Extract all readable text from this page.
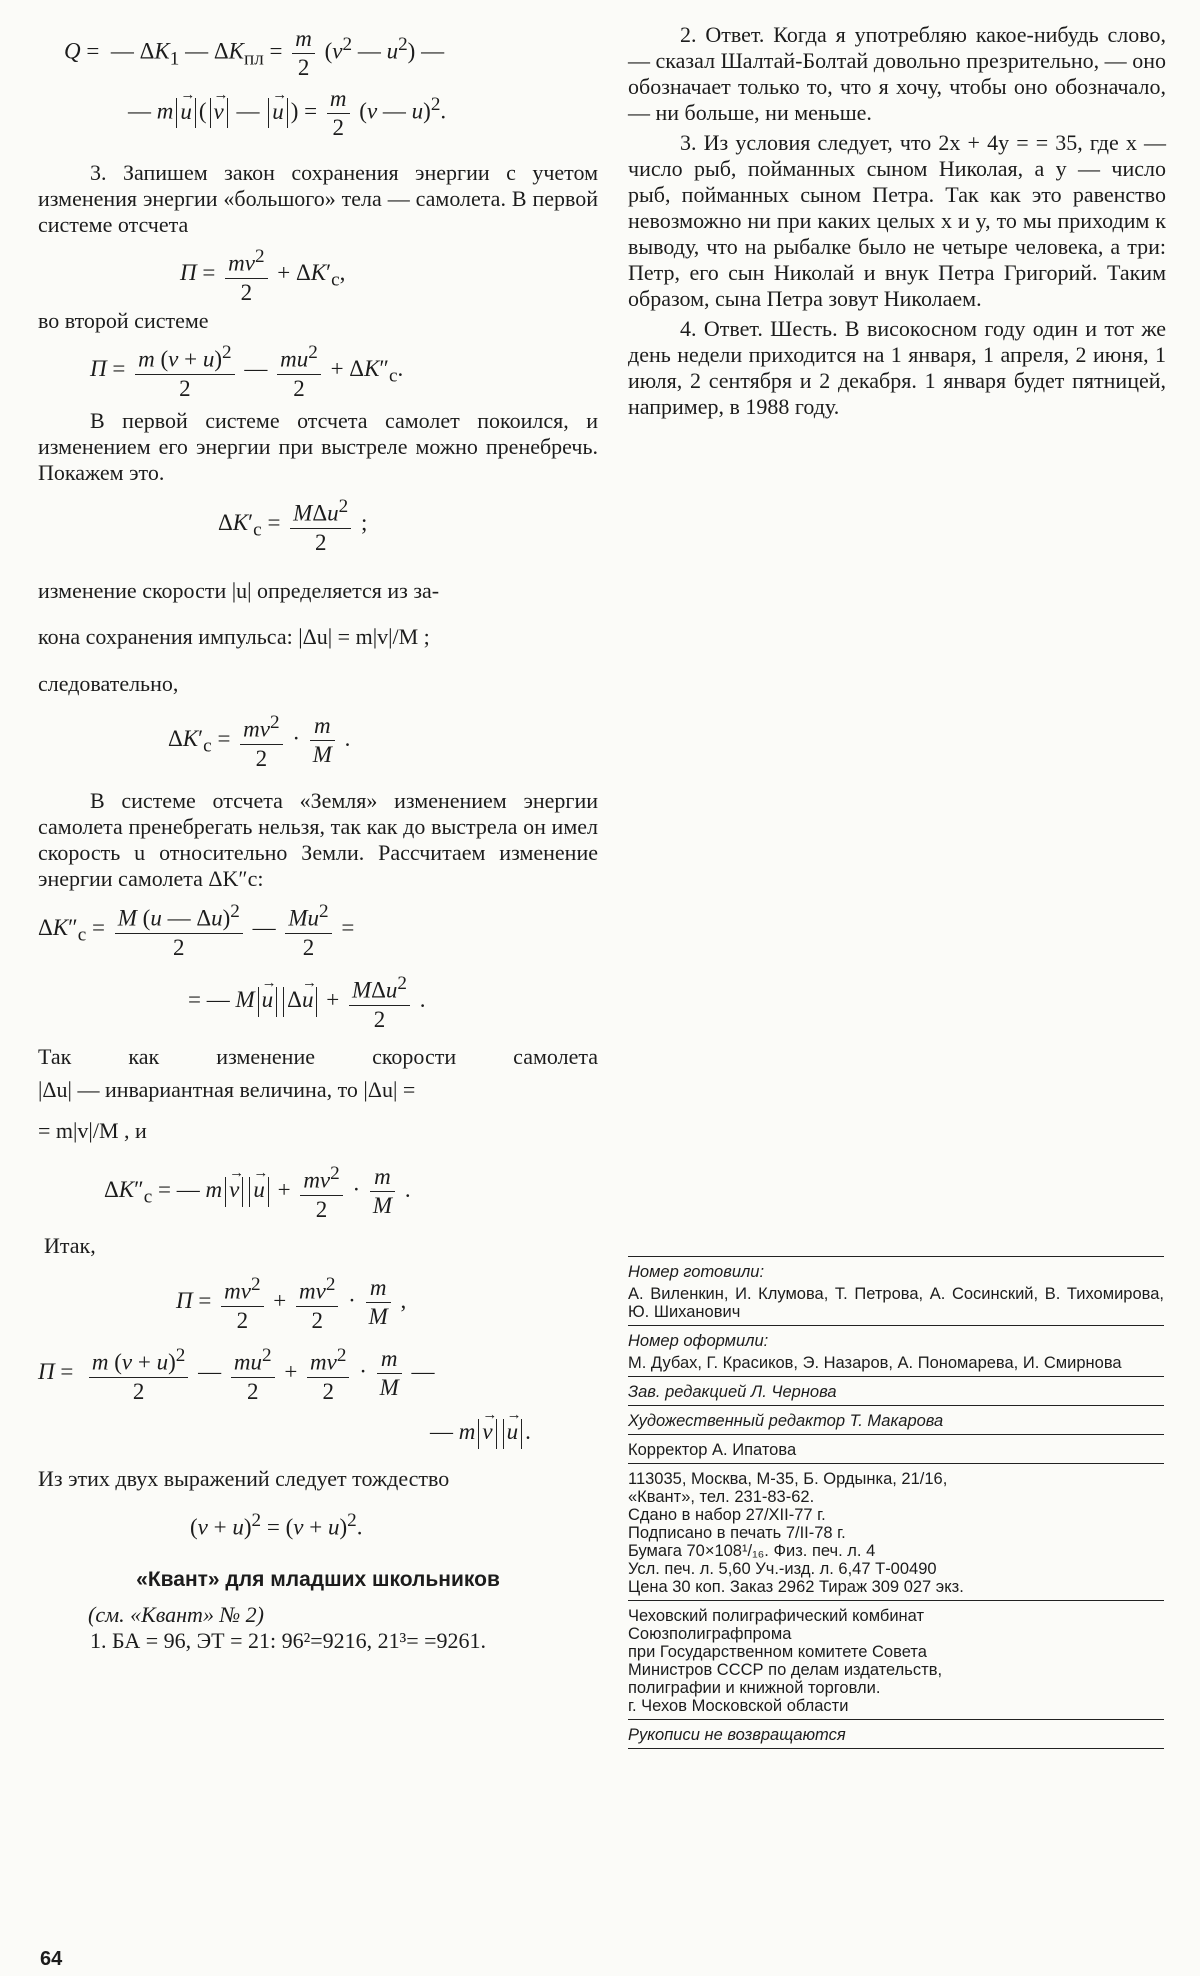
Q =  — $\Delta K_1$ — $\Delta K_{пл} = \frac{m}{2} (v^2$ — $u^2$) —
— m → u ( → v — → u ) = $\frac{m}{2} (v$ — u)$^2$.

3. Запишем закон сохранения энергии с учетом изменения энергии «большого» тела — самолета. В первой системе отсчета

$П = \frac{mv^2}{2} + \Delta K'_с$,

во второй системе

$П = \frac{m (v + u)^2}{2}$ — $\frac{mu^2}{2} + \Delta K''_с$.

В первой системе отсчета самолет покоился, и изменением его энергии при выстреле можно пренебречь. Покажем это.

$\Delta K'_с = \frac{M\Delta u^2}{2}$ ;

изменение скорости |u| определяется из за-

кона сохранения импульса: |Δu| = m|v|/M ;

следовательно,

$\Delta K'_с = \frac{mv^2}{2} \cdot \frac{m}{M}$ .

В системе отсчета «Земля» изменением энергии самолета пренебрегать нельзя, так как до выстрела он имел скорость u относительно Земли. Рассчитаем изменение энергии самолета ΔK″c:

$\Delta K''_с = \frac{M (u — \Delta u)^2}{2}$ — $\frac{Mu^2}{2}$ =
= — M → u $\Delta\to u + \frac{M\Delta u^2}{2}$ .

Так как изменение скорости самолета

|Δu| — инвариантная величина, то |Δu| =

= m|v|/M , и

$\Delta K''_с$ = — $m \to v \to u + \frac{mv^2}{2} \cdot \frac{m}{M}$ .

Итак,

$П = \frac{mv^2}{2} + \frac{mv^2}{2} \cdot \frac{m}{M}$ ,
$П = \frac{m (v + u)^2}{2}$ — $\frac{mu^2}{2} + \frac{mv^2}{2} \cdot \frac{m}{M}$ —
— m → v → u .

Из этих двух выражений следует тождество

$(v + u)^2 = (v + u)^2$.

«Квант» для младших школьников

(см. «Квант» № 2)

1. БА = 96, ЭТ = 21: 96²=9216, 21³= =9261.

2. Ответ. Когда я употребляю какое-нибудь слово, — сказал Шалтай-Болтай довольно презрительно, — оно обозначает только то, что я хочу, чтобы оно обозначало, — ни больше, ни меньше.

3. Из условия следует, что 2x + 4y = = 35, где x — число рыб, пойманных сыном Николая, а y — число рыб, пойманных сыном Петра. Так как это равенство невозможно ни при каких целых x и y, то мы приходим к выводу, что на рыбалке было не четыре человека, а три: Петр, его сын Николай и внук Петра Григорий. Таким образом, сына Петра зовут Николаем.

4. Ответ. Шесть. В високосном году один и тот же день недели приходится на 1 января, 1 апреля, 2 июня, 1 июля, 2 сентября и 2 декабря. 1 января будет пятницей, например, в 1988 году.

Номер готовили:

А. Виленкин, И. Клумова, Т. Петрова, А. Сосинский, В. Тихомирова, Ю. Шиханович

Номер оформили:

М. Дубах, Г. Красиков, Э. Назаров, А. Пономарева, И. Смирнова

Зав. редакцией Л. Чернова

Художественный редактор Т. Макарова

Корректор А. Ипатова

113035, Москва, М-35, Б. Ордынка, 21/16,

«Квант», тел. 231-83-62.

Сдано в набор 27/XII-77 г.

Подписано в печать 7/II-78 г.

Бумага 70×108¹/₁₆. Физ. печ. л. 4

Усл. печ. л. 5,60 Уч.-изд. л. 6,47 Т-00490

Цена 30 коп. Заказ 2962 Тираж 309 027 экз.

Чеховский полиграфический комбинат

Союзполиграфпрома

при Государственном комитете Совета

Министров СССР по делам издательств,

полиграфии и книжной торговли.

г. Чехов Московской области

Рукописи не возвращаются

64
